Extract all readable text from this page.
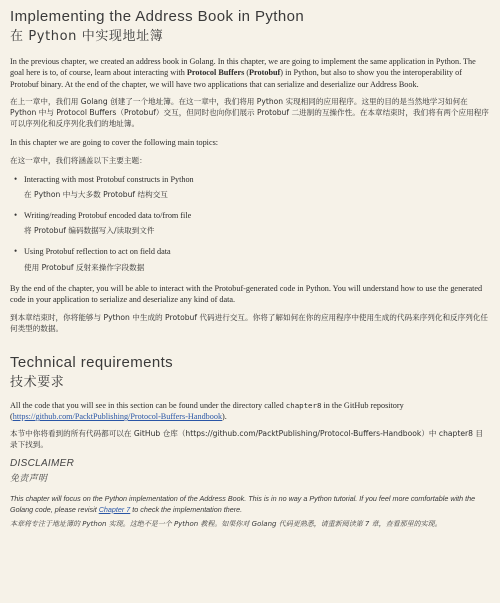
Implementing the Address Book in Python
在 Python 中实现地址簿

In the previous chapter, we created an address book in Golang. In this chapter, we are going to implement the same application in Python. The goal here is to, of course, learn about interacting with Protocol Buffers (Protobuf) in Python, but also to show you the interoperability of Protobuf binary. At the end of the chapter, we will have two applications that can serialize and deserialize our Address Book.

在上一章中，我们用 Golang 创建了一个地址簿。在这一章中，我们将用 Python 实现相同的应用程序。这里的目的是当然地学习如何在 Python 中与 Protocol Buffers（Protobuf）交互，但同时也向你们展示 Protobuf 二进制的互操作性。在本章结束时，我们将有两个应用程序可以序列化和反序列化我们的地址簿。

In this chapter we are going to cover the following main topics:

在这一章中，我们将涵盖以下主要主题：

• Interacting with most Protobuf constructs in Python

在 Python 中与大多数 Protobuf 结构交互

• Writing/reading Protobuf encoded data to/from file

将 Protobuf 编码数据写入/读取到文件

• Using Protobuf reflection to act on field data

使用 Protobuf 反射来操作字段数据

By the end of the chapter, you will be able to interact with the Protobuf-generated code in Python. You will understand how to use the generated code in your application to serialize and deserialize any kind of data.

到本章结束时，你将能够与 Python 中生成的 Protobuf 代码进行交互。你将了解如何在你的应用程序中使用生成的代码来序列化和反序列化任何类型的数据。

Technical requirements
技术要求

All the code that you will see in this section can be found under the directory called chapter8 in the GitHub repository (https://github.com/PacktPublishing/Protocol-Buffers-Handbook).

本节中你将看到的所有代码都可以在 GitHub 仓库（https://github.com/PacktPublishing/Protocol-Buffers-Handbook）中 chapter8 目录下找到。

DISCLAIMER
免责声明

This chapter will focus on the Python implementation of the Address Book. This is in no way a Python tutorial. If you feel more comfortable with the Golang code, please revisit Chapter 7 to check the implementation there.

本章将专注于地址簿的 Python 实现。这绝不是一个 Python 教程。如果你对 Golang 代码更熟悉，请重新阅读第 7 章，查看那里的实现。
